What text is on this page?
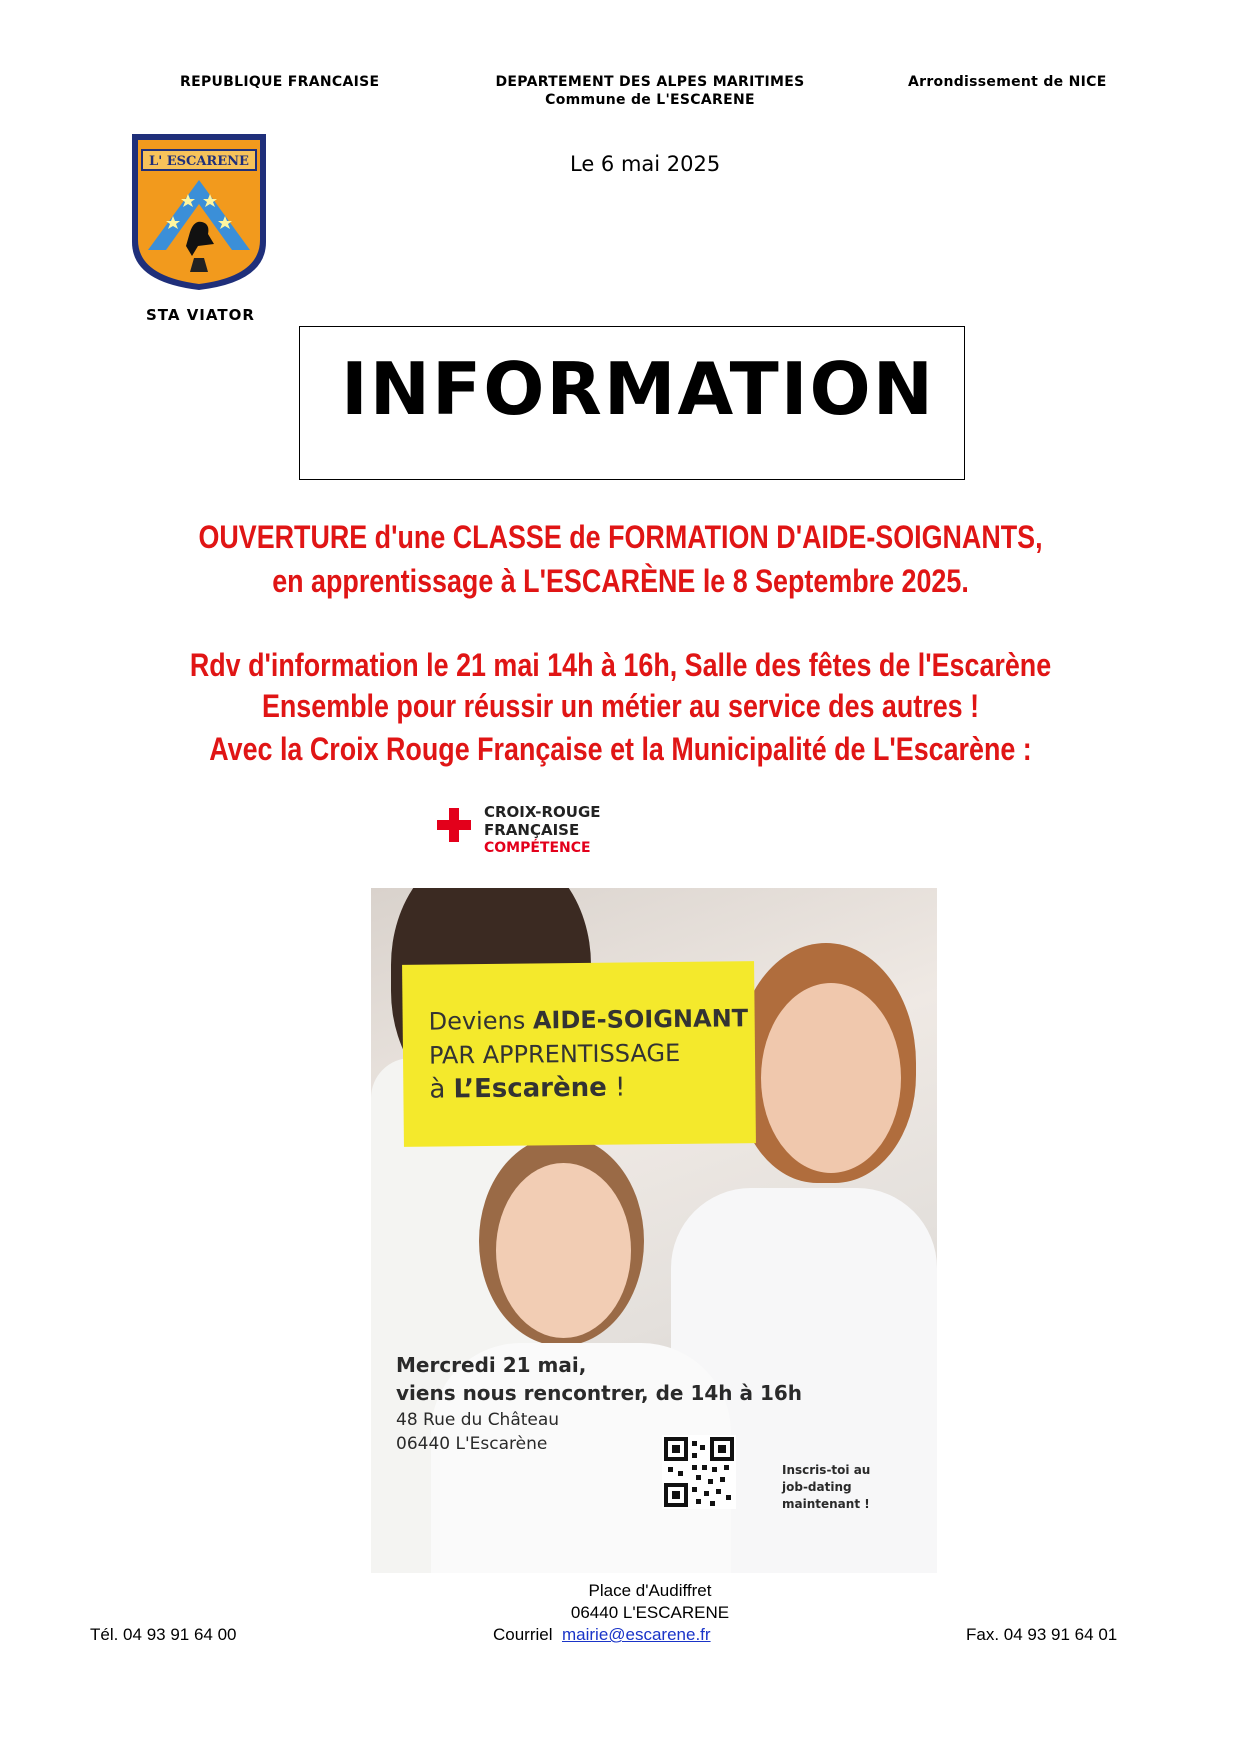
REPUBLIQUE FRANCAISE	DEPARTEMENT DES ALPES MARITIMES
Commune de L'ESCARENE
Arrondissement de NICE
L' ESCARENE
STA VIATOR
Le 6 mai 2025
INFORMATION
OUVERTURE d'une CLASSE de FORMATION D'AIDE-SOIGNANTS,
en apprentissage à L'ESCARÈNE le 8 Septembre 2025.
Rdv d'information le 21 mai 14h à 16h, Salle des fêtes de l'Escarène
Ensemble pour réussir un métier au service des autres !
Avec la Croix Rouge Française et la Municipalité de L'Escarène :
CROIX-ROUGE
FRANÇAISE
COMPÉTENCE
Mercredi 21 mai,
viens nous rencontrer, de 14h à 16h
48 Rue du Château
06440 L'Escarène
Inscris-toi au
job-dating
maintenant !
Deviens AIDE-SOIGNANT
PAR APPRENTISSAGE
à L’Escarène !
Place d'Audiffret
06440 L'ESCARENE
Tél. 04 93 91 64 00	Courriel mairie@escarene.fr	Fax. 04 93 91 64 01
